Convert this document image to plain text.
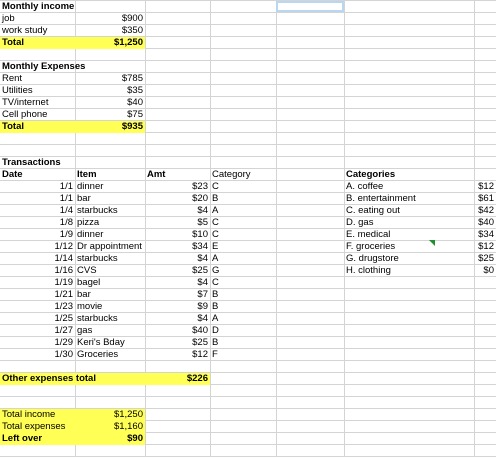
Monthly income
job	$900
work study	$350
Total	$1,250
Monthly Expenses
Rent	$785
Utilities	$35
TV/internet	$40
Cell phone	$75
Total	$935
Transactions
Date	Item	Amt	Category
1/1 dinner	$23 C
1/1 bar	$20 B
1/4 starbucks	$4 A
1/8 pizza	$5 C
1/9 dinner	$10 C
1/12 Dr appointment	$34 E
1/14 starbucks	$4 A
1/16 CVS	$25 G
1/19 bagel	$4 C
1/21 bar	$7 B
1/23 movie	$9 B
1/25 starbucks	$4 A
1/27 gas	$40 D
1/29 Keri's Bday	$25 B
1/30 Groceries	$12 F
Categories
A. coffee	$12
B. entertainment	$61
C. eating out	$42
D. gas	$40
E. medical	$34
F. groceries	$12
G. drugstore	$25
H. clothing	$0
Other expenses total	$226
Total income	$1,250
Total expenses	$1,160
Left over	$90
